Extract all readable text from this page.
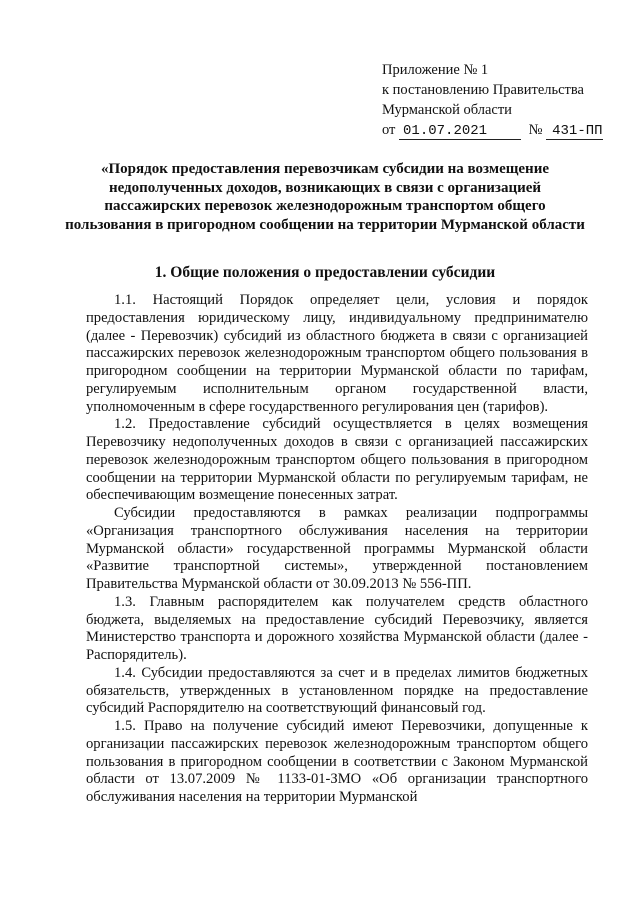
Приложение № 1
к постановлению Правительства
Мурманской области
от 01.07.2021	№ 431-ПП
«Порядок предоставления перевозчикам субсидии на возмещение недополученных доходов, возникающих в связи с организацией пассажирских перевозок железнодорожным транспортом общего пользования в пригородном сообщении на территории Мурманской области
1. Общие положения о предоставлении субсидии

1.1. Настоящий Порядок определяет цели, условия и порядок предоставления юридическому лицу, индивидуальному предпринимателю (далее - Перевозчик) субсидий из областного бюджета в связи с организацией пассажирских перевозок железнодорожным транспортом общего пользования в пригородном сообщении на территории Мурманской области по тарифам, регулируемым исполнительным органом государственной власти, уполномоченным в сфере государственного регулирования цен (тарифов).

1.2. Предоставление субсидий осуществляется в целях возмещения Перевозчику недополученных доходов в связи с организацией пассажирских перевозок железнодорожным транспортом общего пользования в пригородном сообщении на территории Мурманской области по регулируемым тарифам, не обеспечивающим возмещение понесенных затрат.

Субсидии предоставляются в рамках реализации подпрограммы «Организация транспортного обслуживания населения на территории Мурманской области» государственной программы Мурманской области «Развитие транспортной системы», утвержденной постановлением Правительства Мурманской области от 30.09.2013 № 556-ПП.

1.3. Главным распорядителем как получателем средств областного бюджета, выделяемых на предоставление субсидий Перевозчику, является Министерство транспорта и дорожного хозяйства Мурманской области (далее - Распорядитель).

1.4. Субсидии предоставляются за счет и в пределах лимитов бюджетных обязательств, утвержденных в установленном порядке на предоставление субсидий Распорядителю на соответствующий финансовый год.

1.5. Право на получение субсидий имеют Перевозчики, допущенные к организации пассажирских перевозок железнодорожным транспортом общего пользования в пригородном сообщении в соответствии с Законом Мурманской области от 13.07.2009 № 1133-01-ЗМО «Об организации транспортного обслуживания населения на территории Мурманской
